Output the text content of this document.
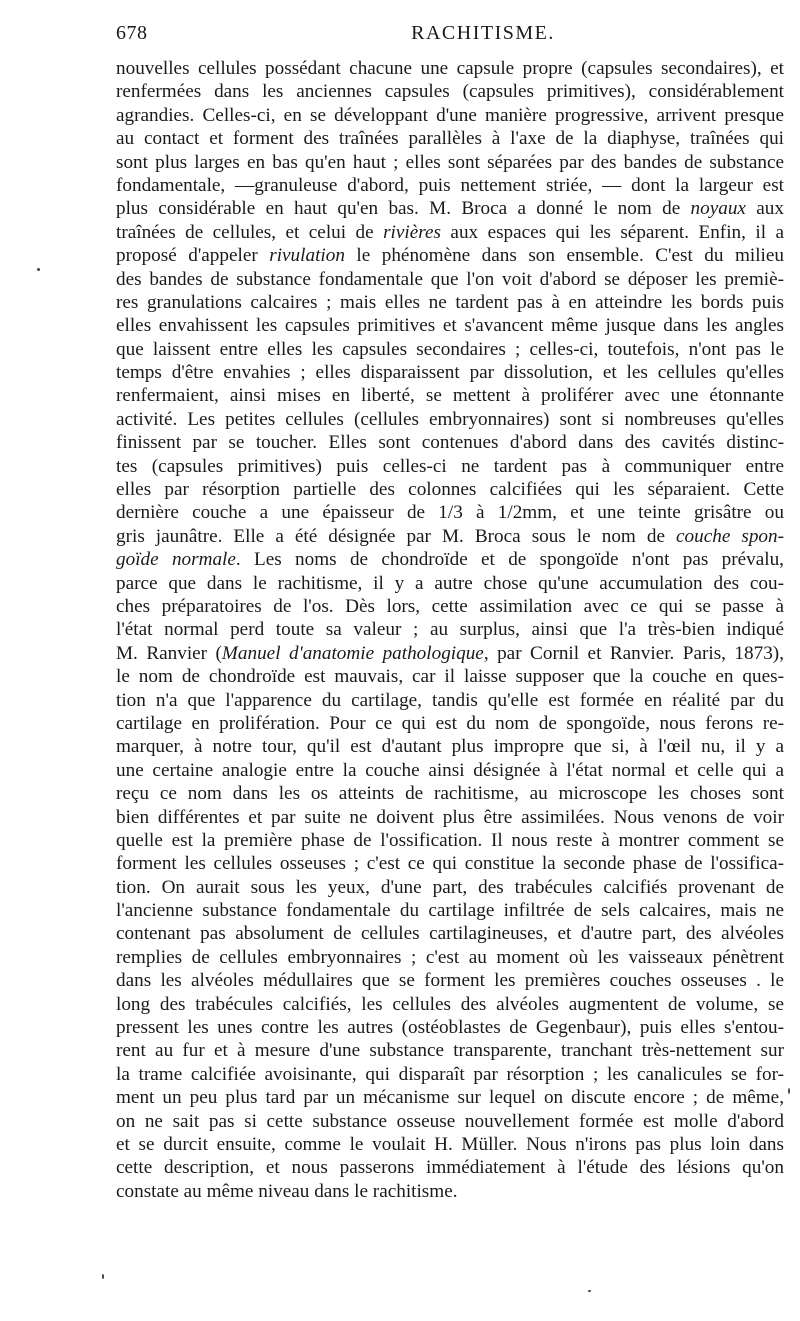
678	RACHITISME.
nouvelles cellules possédant chacune une capsule propre (capsules secondaires), et
renfermées dans les anciennes capsules (capsules primitives), considérablement
agrandies. Celles-ci, en se développant d'une manière progressive, arrivent presque
au contact et forment des traînées parallèles à l'axe de la diaphyse, traînées qui
sont plus larges en bas qu'en haut ; elles sont séparées par des bandes de substance
fondamentale, —granuleuse d'abord, puis nettement striée, — dont la largeur est
plus considérable en haut qu'en bas. M. Broca a donné le nom de noyaux aux
traînées de cellules, et celui de rivières aux espaces qui les séparent. Enfin, il a
proposé d'appeler rivulation le phénomène dans son ensemble. C'est du milieu
des bandes de substance fondamentale que l'on voit d'abord se déposer les premiè-
res granulations calcaires ; mais elles ne tardent pas à en atteindre les bords puis
elles envahissent les capsules primitives et s'avancent même jusque dans les angles
que laissent entre elles les capsules secondaires ; celles-ci, toutefois, n'ont pas le
temps d'être envahies ; elles disparaissent par dissolution, et les cellules qu'elles
renfermaient, ainsi mises en liberté, se mettent à proliférer avec une étonnante
activité. Les petites cellules (cellules embryonnaires) sont si nombreuses qu'elles
finissent par se toucher. Elles sont contenues d'abord dans des cavités distinc-
tes (capsules primitives) puis celles-ci ne tardent pas à communiquer entre
elles par résorption partielle des colonnes calcifiées qui les séparaient. Cette
dernière couche a une épaisseur de 1/3 à 1/2mm, et une teinte grisâtre ou
gris jaunâtre. Elle a été désignée par M. Broca sous le nom de couche spon-
goïde normale. Les noms de chondroïde et de spongoïde n'ont pas prévalu,
parce que dans le rachitisme, il y a autre chose qu'une accumulation des cou-
ches préparatoires de l'os. Dès lors, cette assimilation avec ce qui se passe à
l'état normal perd toute sa valeur ; au surplus, ainsi que l'a très-bien indiqué
M. Ranvier (Manuel d'anatomie pathologique, par Cornil et Ranvier. Paris, 1873),
le nom de chondroïde est mauvais, car il laisse supposer que la couche en ques-
tion n'a que l'apparence du cartilage, tandis qu'elle est formée en réalité par du
cartilage en prolifération. Pour ce qui est du nom de spongoïde, nous ferons re-
marquer, à notre tour, qu'il est d'autant plus impropre que si, à l'œil nu, il y a
une certaine analogie entre la couche ainsi désignée à l'état normal et celle qui a
reçu ce nom dans les os atteints de rachitisme, au microscope les choses sont
bien différentes et par suite ne doivent plus être assimilées. Nous venons de voir
quelle est la première phase de l'ossification. Il nous reste à montrer comment se
forment les cellules osseuses ; c'est ce qui constitue la seconde phase de l'ossifica-
tion. On aurait sous les yeux, d'une part, des trabécules calcifiés provenant de
l'ancienne substance fondamentale du cartilage infiltrée de sels calcaires, mais ne
contenant pas absolument de cellules cartilagineuses, et d'autre part, des alvéoles
remplies de cellules embryonnaires ; c'est au moment où les vaisseaux pénètrent
dans les alvéoles médullaires que se forment les premières couches osseuses . le
long des trabécules calcifiés, les cellules des alvéoles augmentent de volume, se
pressent les unes contre les autres (ostéoblastes de Gegenbaur), puis elles s'entou-
rent au fur et à mesure d'une substance transparente, tranchant très-nettement sur
la trame calcifiée avoisinante, qui disparaît par résorption ; les canalicules se for-
ment un peu plus tard par un mécanisme sur lequel on discute encore ; de même,
on ne sait pas si cette substance osseuse nouvellement formée est molle d'abord
et se durcit ensuite, comme le voulait H. Müller. Nous n'irons pas plus loin dans
cette description, et nous passerons immédiatement à l'étude des lésions qu'on
constate au même niveau dans le rachitisme.
